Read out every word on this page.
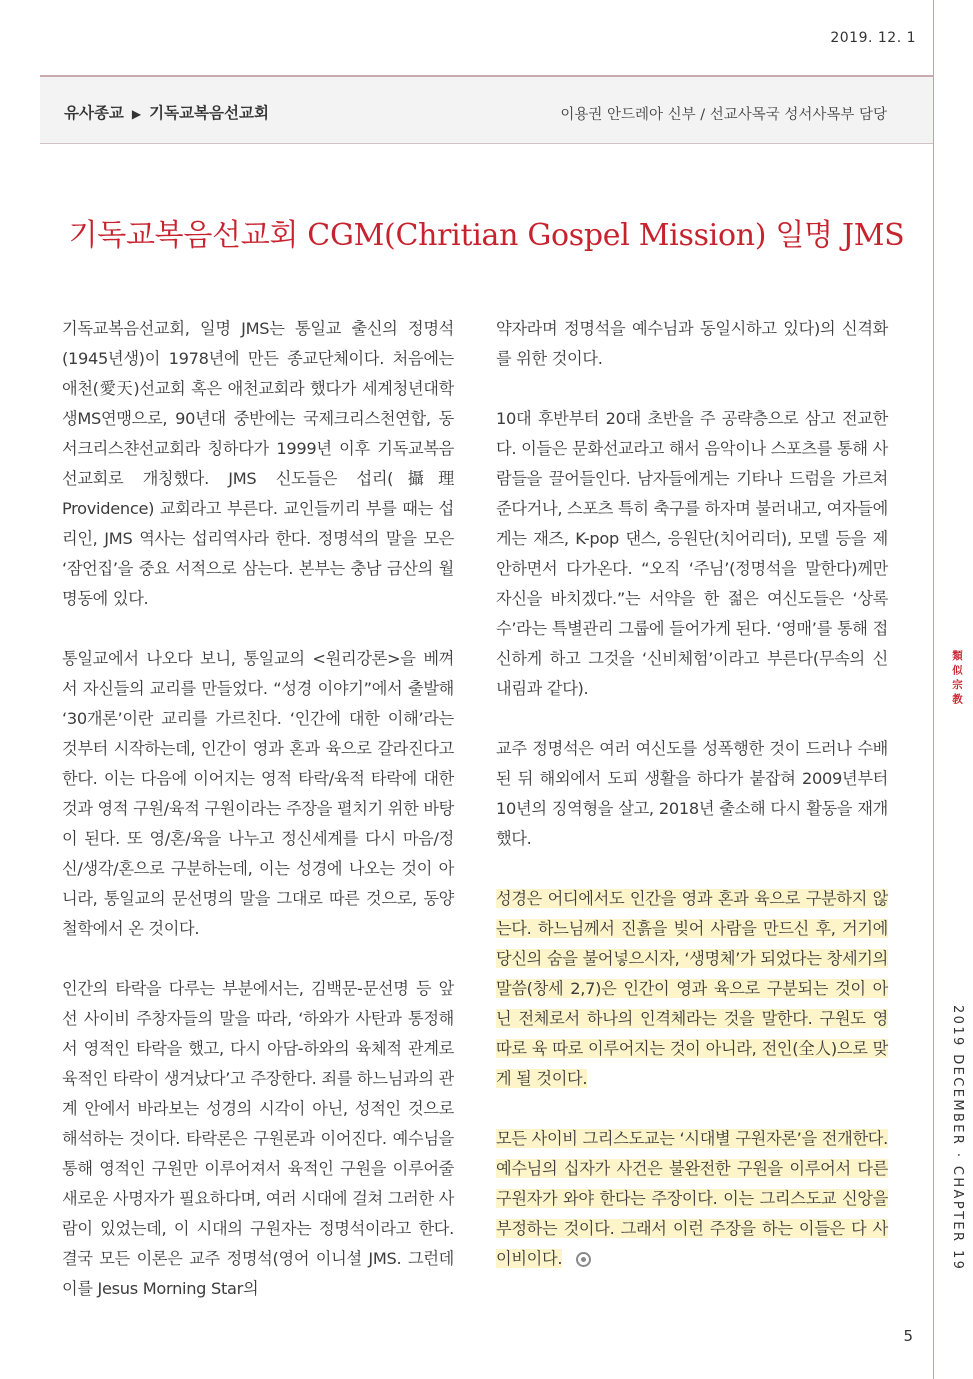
2019. 12. 1
유사종교 ▶ 기독교복음선교회	이용권 안드레아 신부 / 선교사목국 성서사목부 담당
기독교복음선교회 CGM(Chritian Gospel Mission) 일명 JMS

기독교복음선교회, 일명 JMS는 통일교 출신의 정명석(1945년생)이 1978년에 만든 종교단체이다. 처음에는 애천(愛天)선교회 혹은 애천교회라 했다가 세계청년대학생MS연맹으로, 90년대 중반에는 국제크리스천연합, 동서크리스챤선교회라 칭하다가 1999년 이후 기독교복음선교회로 개칭했다. JMS 신도들은 섭리(攝理 Providence) 교회라고 부른다. 교인들끼리 부를 때는 섭리인, JMS 역사는 섭리역사라 한다. 정명석의 말을 모은 ‘잠언집’을 중요 서적으로 삼는다. 본부는 충남 금산의 월명동에 있다.

통일교에서 나오다 보니, 통일교의 <원리강론>을 베껴서 자신들의 교리를 만들었다. “성경 이야기”에서 출발해 ‘30개론’이란 교리를 가르친다. ‘인간에 대한 이해’라는 것부터 시작하는데, 인간이 영과 혼과 육으로 갈라진다고 한다. 이는 다음에 이어지는 영적 타락/육적 타락에 대한 것과 영적 구원/육적 구원이라는 주장을 펼치기 위한 바탕이 된다. 또 영/혼/육을 나누고 정신세계를 다시 마음/정신/생각/혼으로 구분하는데, 이는 성경에 나오는 것이 아니라, 통일교의 문선명의 말을 그대로 따른 것으로, 동양철학에서 온 것이다.

인간의 타락을 다루는 부분에서는, 김백문-문선명 등 앞선 사이비 주창자들의 말을 따라, ‘하와가 사탄과 통정해서 영적인 타락을 했고, 다시 아담-하와의 육체적 관계로 육적인 타락이 생겨났다’고 주장한다. 죄를 하느님과의 관계 안에서 바라보는 성경의 시각이 아닌, 성적인 것으로 해석하는 것이다. 타락론은 구원론과 이어진다. 예수님을 통해 영적인 구원만 이루어져서 육적인 구원을 이루어줄 새로운 사명자가 필요하다며, 여러 시대에 걸쳐 그러한 사람이 있었는데, 이 시대의 구원자는 정명석이라고 한다. 결국 모든 이론은 교주 정명석(영어 이니셜 JMS. 그런데 이를 Jesus Morning Star의

약자라며 정명석을 예수님과 동일시하고 있다)의 신격화를 위한 것이다.

10대 후반부터 20대 초반을 주 공략층으로 삼고 전교한다. 이들은 문화선교라고 해서 음악이나 스포츠를 통해 사람들을 끌어들인다. 남자들에게는 기타나 드럼을 가르쳐준다거나, 스포츠 특히 축구를 하자며 불러내고, 여자들에게는 재즈, K-pop 댄스, 응원단(치어리더), 모델 등을 제안하면서 다가온다. “오직 ‘주님’(정명석을 말한다)께만 자신을 바치겠다.”는 서약을 한 젊은 여신도들은 ‘상록수’라는 특별관리 그룹에 들어가게 된다. ‘영매’를 통해 접신하게 하고 그것을 ‘신비체험’이라고 부른다(무속의 신내림과 같다).

교주 정명석은 여러 여신도를 성폭행한 것이 드러나 수배된 뒤 해외에서 도피 생활을 하다가 붙잡혀 2009년부터 10년의 징역형을 살고, 2018년 출소해 다시 활동을 재개했다.

성경은 어디에서도 인간을 영과 혼과 육으로 구분하지 않는다. 하느님께서 진흙을 빚어 사람을 만드신 후, 거기에 당신의 숨을 불어넣으시자, ‘생명체’가 되었다는 창세기의 말씀(창세 2,7)은 인간이 영과 육으로 구분되는 것이 아닌 전체로서 하나의 인격체라는 것을 말한다. 구원도 영 따로 육 따로 이루어지는 것이 아니라, 전인(全人)으로 맞게 될 것이다.

모든 사이비 그리스도교는 ‘시대별 구원자론’을 전개한다. 예수님의 십자가 사건은 불완전한 구원을 이루어서 다른 구원자가 와야 한다는 주장이다. 이는 그리스도교 신앙을 부정하는 것이다. 그래서 이런 주장을 하는 이들은 다 사이비이다.

類似宗教
2019 DECEMBER · CHAPTER 19
5
